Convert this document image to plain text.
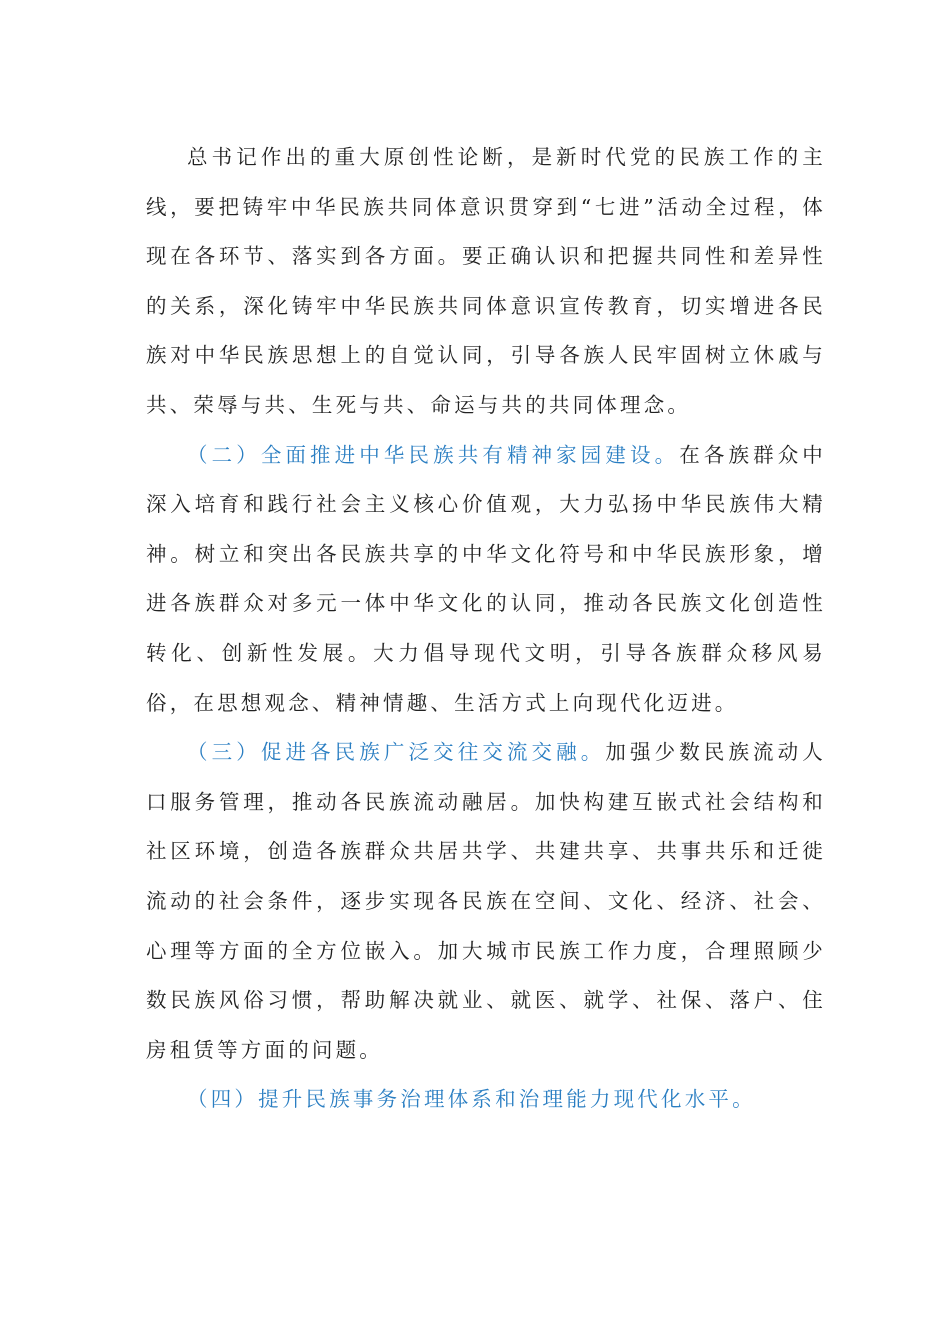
总书记作出的重大原创性论断，是新时代党的民族工作的主线，要把铸牢中华民族共同体意识贯穿到“七进”活动全过程，体现在各环节、落实到各方面。要正确认识和把握共同性和差异性的关系，深化铸牢中华民族共同体意识宣传教育，切实增进各民族对中华民族思想上的自觉认同，引导各族人民牢固树立休戚与共、荣辱与共、生死与共、命运与共的共同体理念。

（二）全面推进中华民族共有精神家园建设。在各族群众中深入培育和践行社会主义核心价值观，大力弘扬中华民族伟大精神。树立和突出各民族共享的中华文化符号和中华民族形象，增进各族群众对多元一体中华文化的认同，推动各民族文化创造性转化、创新性发展。大力倡导现代文明，引导各族群众移风易俗，在思想观念、精神情趣、生活方式上向现代化迈进。

（三）促进各民族广泛交往交流交融。加强少数民族流动人口服务管理，推动各民族流动融居。加快构建互嵌式社会结构和社区环境，创造各族群众共居共学、共建共享、共事共乐和迁徙流动的社会条件，逐步实现各民族在空间、文化、经济、社会、心理等方面的全方位嵌入。加大城市民族工作力度，合理照顾少数民族风俗习惯，帮助解决就业、就医、就学、社保、落户、住房租赁等方面的问题。

（四）提升民族事务治理体系和治理能力现代化水平。
